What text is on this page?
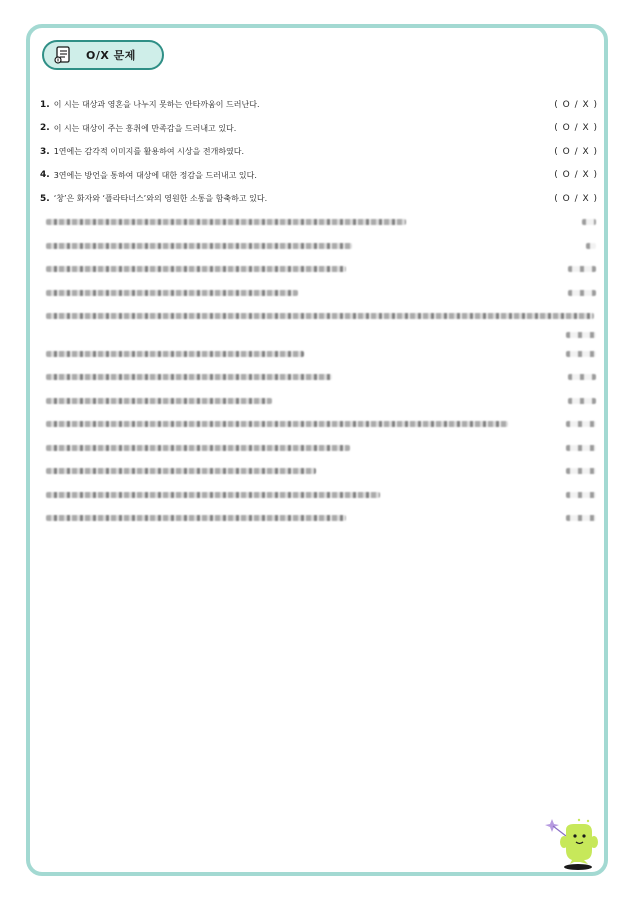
O/X 문제
1. 이 시는 대상과 영혼을 나누지 못하는 안타까움이 드러난다.	( O / X )
2. 이 시는 대상이 주는 흥취에 만족감을 드러내고 있다.	( O / X )
3. 1연에는 감각적 이미지를 활용하여 시상을 전개하였다.	( O / X )
4. 3연에는 방언을 통하여 대상에 대한 정감을 드러내고 있다.	( O / X )
5. ‘창’은 화자와 ‘플라타너스’와의 영원한 소통을 함축하고 있다.	( O / X )
